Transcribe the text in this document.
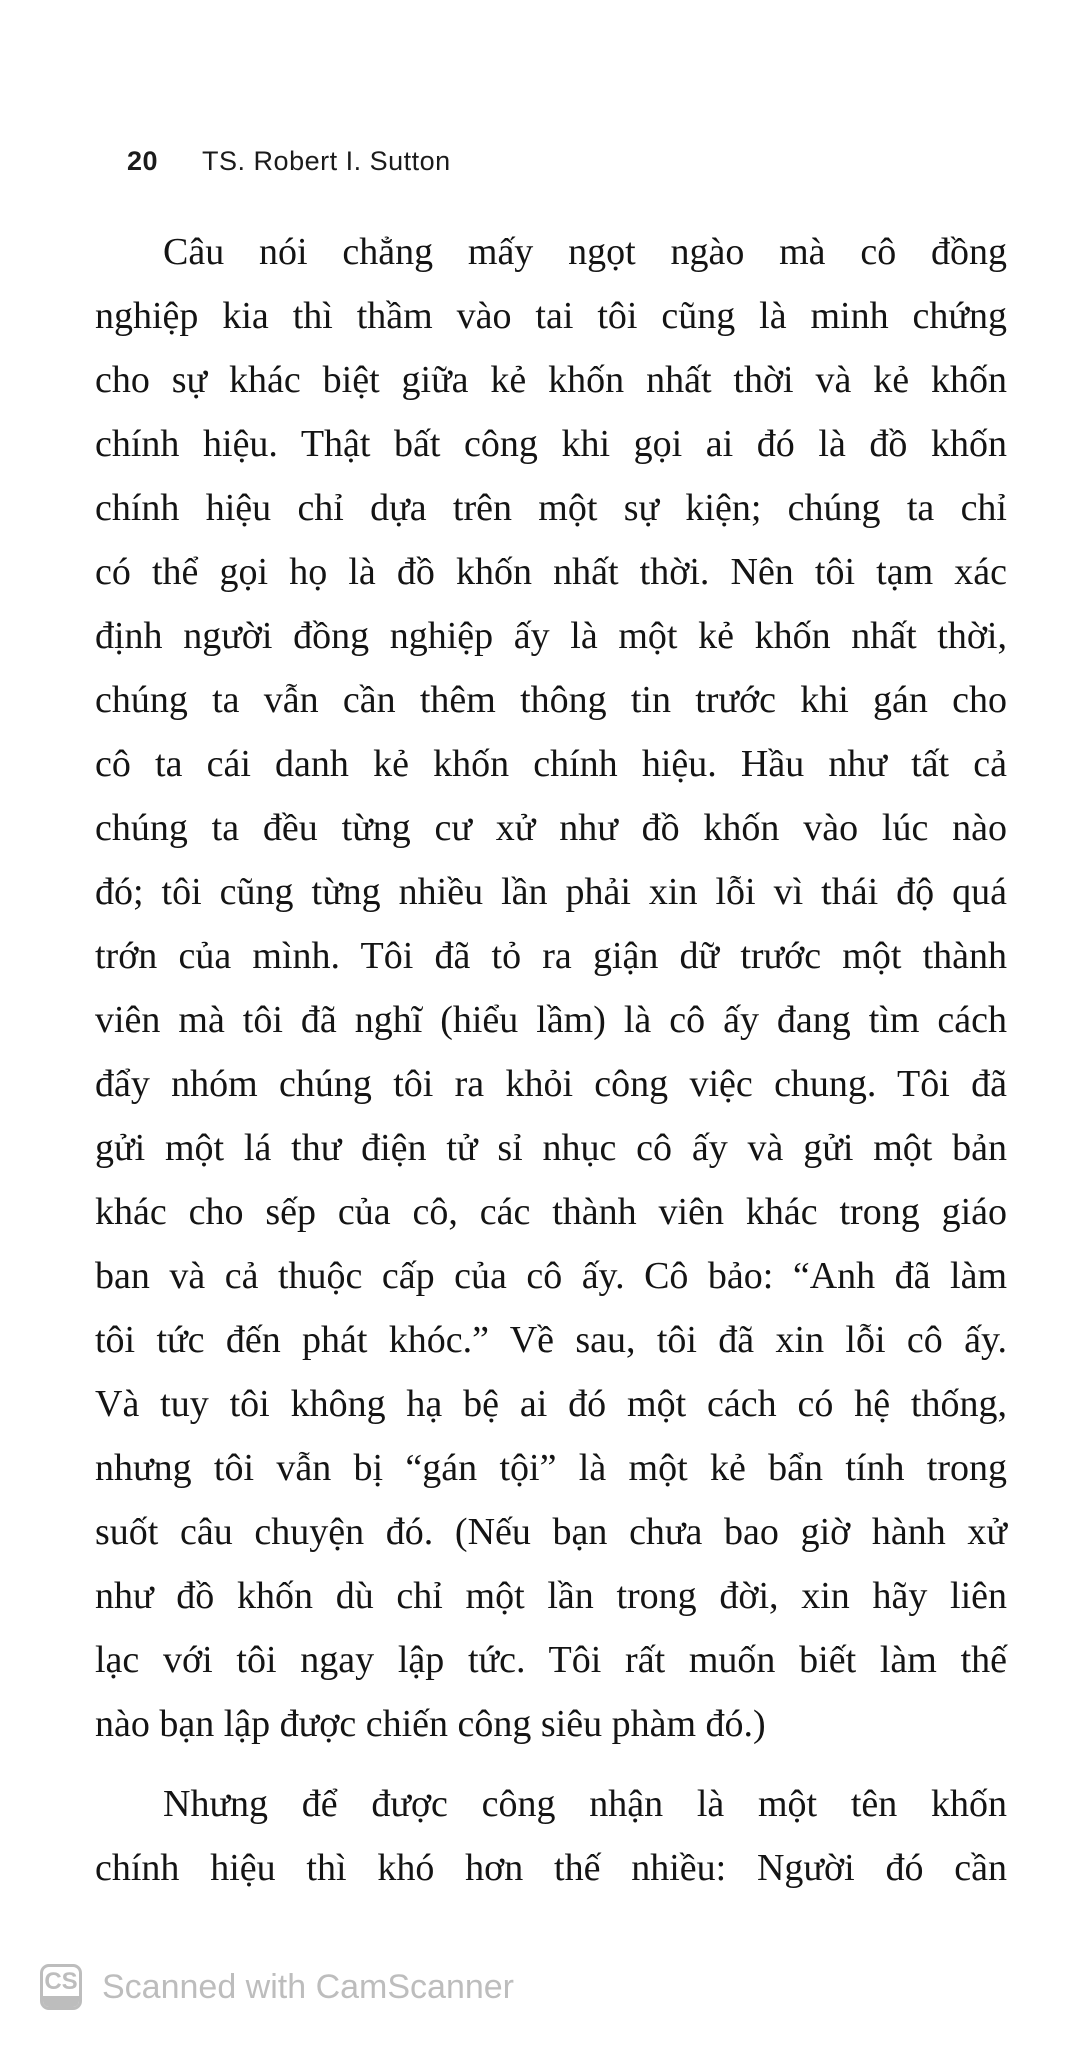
20 TS. Robert I. Sutton
Câu nói chẳng mấy ngọt ngào mà cô đồng
nghiệp kia thì thầm vào tai tôi cũng là minh chứng
cho sự khác biệt giữa kẻ khốn nhất thời và kẻ khốn
chính hiệu. Thật bất công khi gọi ai đó là đồ khốn
chính hiệu chỉ dựa trên một sự kiện; chúng ta chỉ
có thể gọi họ là đồ khốn nhất thời. Nên tôi tạm xác
định người đồng nghiệp ấy là một kẻ khốn nhất thời,
chúng ta vẫn cần thêm thông tin trước khi gán cho
cô ta cái danh kẻ khốn chính hiệu. Hầu như tất cả
chúng ta đều từng cư xử như đồ khốn vào lúc nào
đó; tôi cũng từng nhiều lần phải xin lỗi vì thái độ quá
trớn của mình. Tôi đã tỏ ra giận dữ trước một thành
viên mà tôi đã nghĩ (hiểu lầm) là cô ấy đang tìm cách
đẩy nhóm chúng tôi ra khỏi công việc chung. Tôi đã
gửi một lá thư điện tử sỉ nhục cô ấy và gửi một bản
khác cho sếp của cô, các thành viên khác trong giáo
ban và cả thuộc cấp của cô ấy. Cô bảo: “Anh đã làm
tôi tức đến phát khóc.” Về sau, tôi đã xin lỗi cô ấy.
Và tuy tôi không hạ bệ ai đó một cách có hệ thống,
nhưng tôi vẫn bị “gán tội” là một kẻ bẩn tính trong
suốt câu chuyện đó. (Nếu bạn chưa bao giờ hành xử
như đồ khốn dù chỉ một lần trong đời, xin hãy liên
lạc với tôi ngay lập tức. Tôi rất muốn biết làm thế
nào bạn lập được chiến công siêu phàm đó.)
Nhưng để được công nhận là một tên khốn
chính hiệu thì khó hơn thế nhiều: Người đó cần
CS Scanned with CamScanner
